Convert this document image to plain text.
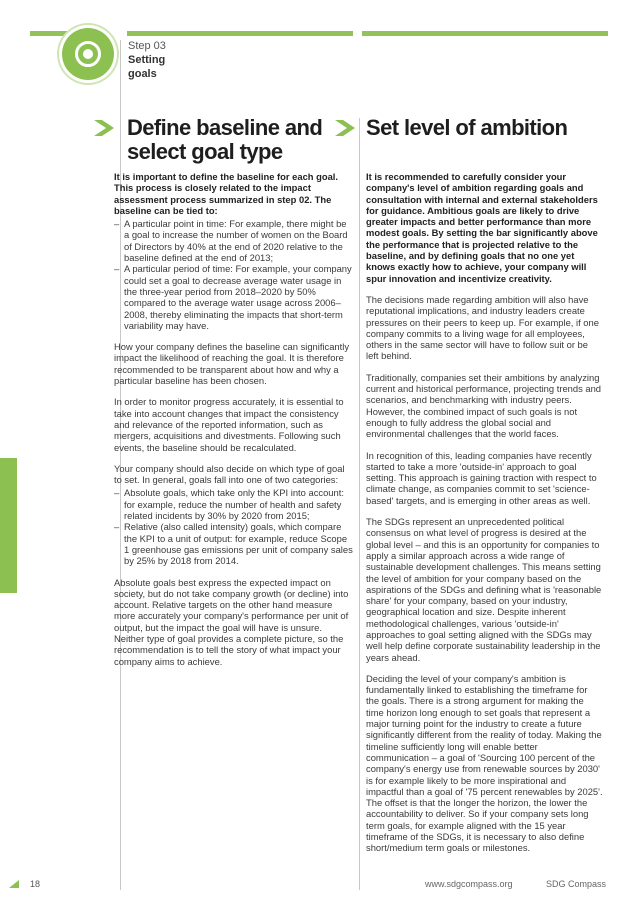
Step 03
Setting goals
Define baseline and select goal type
Set level of ambition

It is important to define the baseline for each goal. This process is closely related to the impact assessment process summarized in step 02. The baseline can be tied to:

– A particular point in time: For example, there might be a goal to increase the number of women on the Board of Directors by 40% at the end of 2020 relative to the baseline defined at the end of 2013;
– A particular period of time: For example, your company could set a goal to decrease average water usage in the three-year period from 2018–2020 by 50% compared to the average water usage across 2006–2008, thereby eliminating the impacts that short-term variability may have.

How your company defines the baseline can significantly impact the likelihood of reaching the goal. It is therefore recommended to be transparent about how and why a particular baseline has been chosen.

In order to monitor progress accurately, it is essential to take into account changes that impact the consistency and relevance of the reported information, such as mergers, acquisitions and divestments. Following such events, the baseline should be recalculated.

Your company should also decide on which type of goal to set. In general, goals fall into one of two categories:

– Absolute goals, which take only the KPI into account: for example, reduce the number of health and safety related incidents by 30% by 2020 from 2015;
– Relative (also called intensity) goals, which compare the KPI to a unit of output: for example, reduce Scope 1 greenhouse gas emissions per unit of company sales by 25% by 2018 from 2014.

Absolute goals best express the expected impact on society, but do not take company growth (or decline) into account. Relative targets on the other hand measure more accurately your company's performance per unit of output, but the impact the goal will have is unsure. Neither type of goal provides a complete picture, so the recommendation is to tell the story of what impact your company aims to achieve.

It is recommended to carefully consider your company's level of ambition regarding goals and consultation with internal and external stakeholders for guidance. Ambitious goals are likely to drive greater impacts and better performance than more modest goals. By setting the bar significantly above the performance that is projected relative to the baseline, and by defining goals that no one yet knows exactly how to achieve, your company will spur innovation and incentivize creativity.

The decisions made regarding ambition will also have reputational implications, and industry leaders create pressures on their peers to keep up. For example, if one company commits to a living wage for all employees, others in the same sector will have to follow suit or be left behind.

Traditionally, companies set their ambitions by analyzing current and historical performance, projecting trends and scenarios, and benchmarking with industry peers. However, the combined impact of such goals is not enough to fully address the global social and environmental challenges that the world faces.

In recognition of this, leading companies have recently started to take a more 'outside-in' approach to goal setting. This approach is gaining traction with respect to climate change, as companies commit to set 'science-based' targets, and is emerging in other areas as well.

The SDGs represent an unprecedented political consensus on what level of progress is desired at the global level – and this is an opportunity for companies to apply a similar approach across a wide range of sustainable development challenges. This means setting the level of ambition for your company based on the aspirations of the SDGs and defining what is 'reasonable share' for your company, based on your industry, geographical location and size. Despite inherent methodological challenges, various 'outside-in' approaches to goal setting aligned with the SDGs may well help define corporate sustainability leadership in the years ahead.

Deciding the level of your company's ambition is fundamentally linked to establishing the timeframe for the goals. There is a strong argument for making the time horizon long enough to set goals that represent a major turning point for the industry to create a future significantly different from the reality of today. Making the timeline sufficiently long will enable better communication – a goal of 'Sourcing 100 percent of the company's energy use from renewable sources by 2030' is for example likely to be more inspirational and impactful than a goal of '75 percent renewables by 2025'. The offset is that the longer the horizon, the lower the accountability to deliver. So if your company sets long term goals, for example aligned with the 15 year timeframe of the SDGs, it is necessary to also define short/medium term goals or milestones.

18	www.sdgcompass.org	SDG Compass
